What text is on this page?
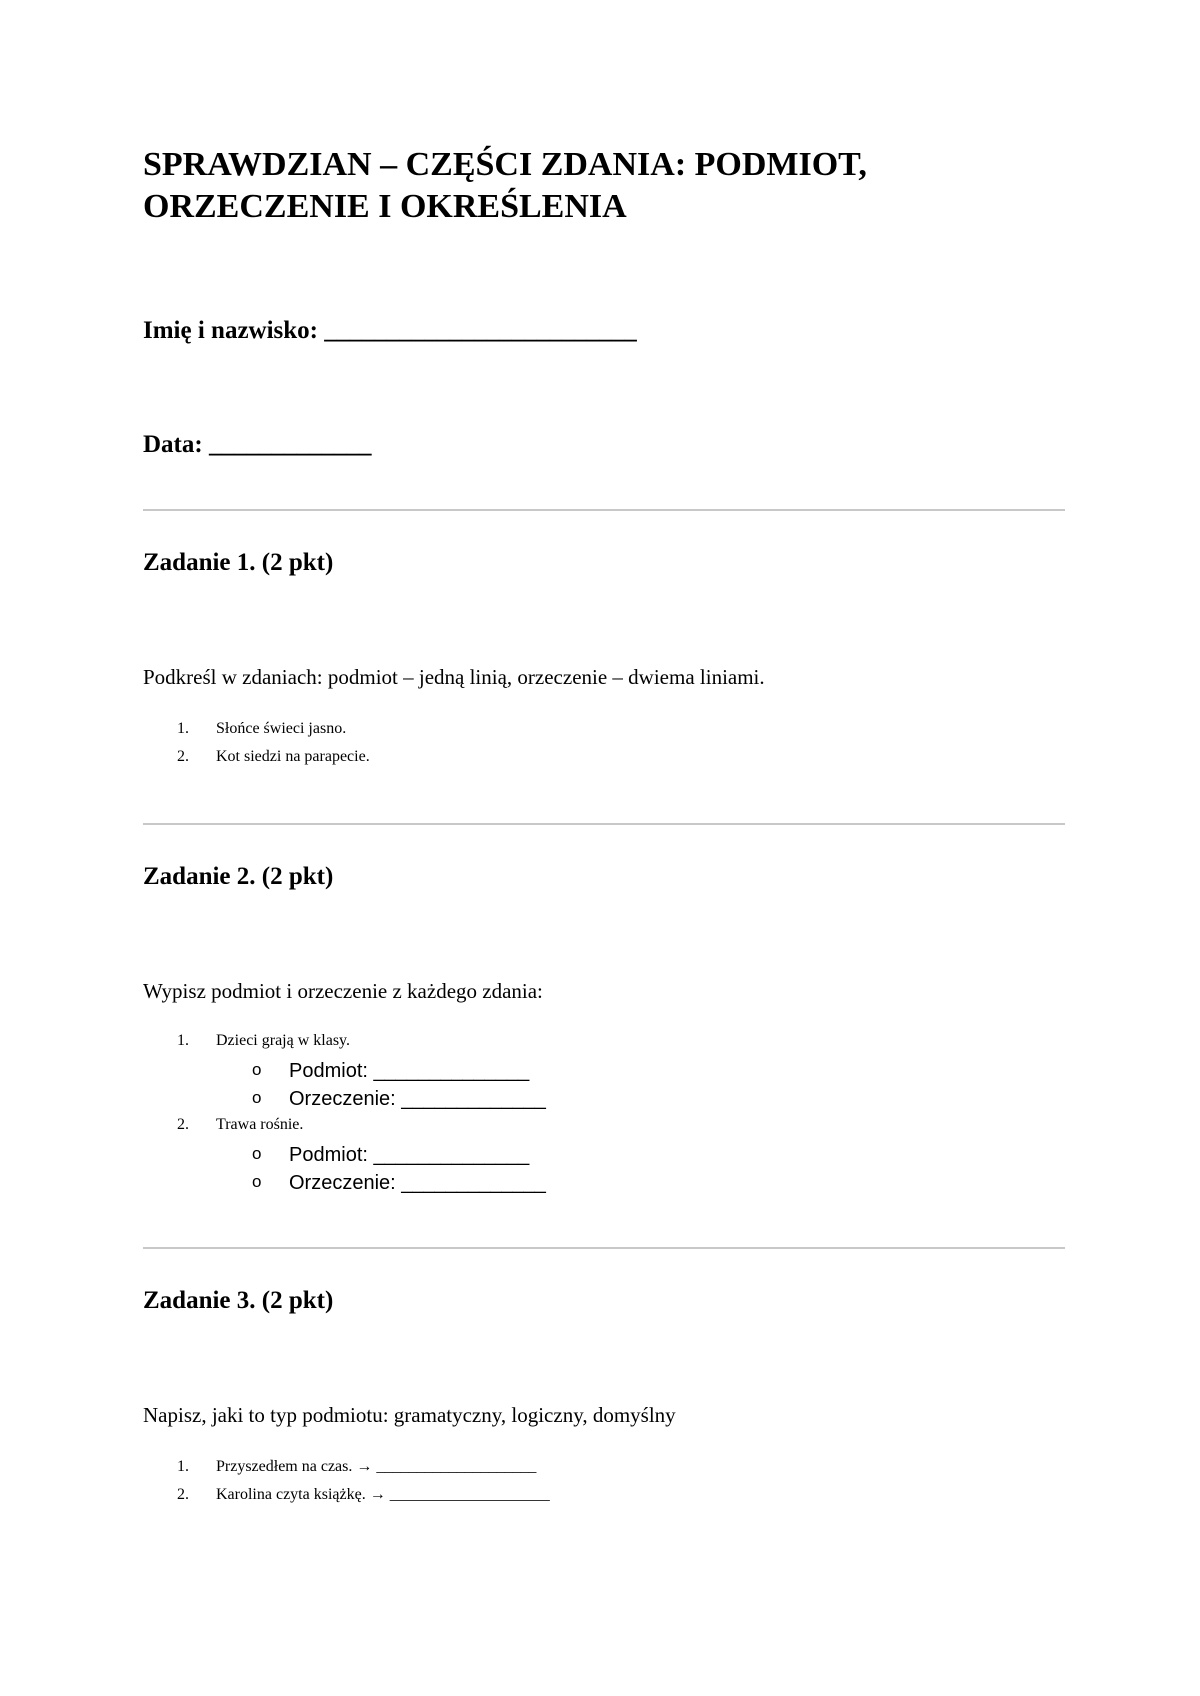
SPRAWDZIAN – CZĘŚCI ZDANIA: PODMIOT, ORZECZENIE I OKREŚLENIA

Imię i nazwisko: _________________________

Data: _____________

Zadanie 1. (2 pkt)

Podkreśl w zdaniach: podmiot – jedną linią, orzeczenie – dwiema liniami.

1.	Słońce świeci jasno.
2.	Kot siedzi na parapecie.
Zadanie 2. (2 pkt)

Wypisz podmiot i orzeczenie z każdego zdania:

1.	Dzieci grają w klasy.
o Podmiot: ______________
o Orzeczenie: _____________
2.	Trawa rośnie.
o Podmiot: ______________
o Orzeczenie: _____________
Zadanie 3. (2 pkt)

Napisz, jaki to typ podmiotu: gramatyczny, logiczny, domyślny

1.	Przyszedłem na czas. → ____________________
2.	Karolina czyta książkę. → ____________________
